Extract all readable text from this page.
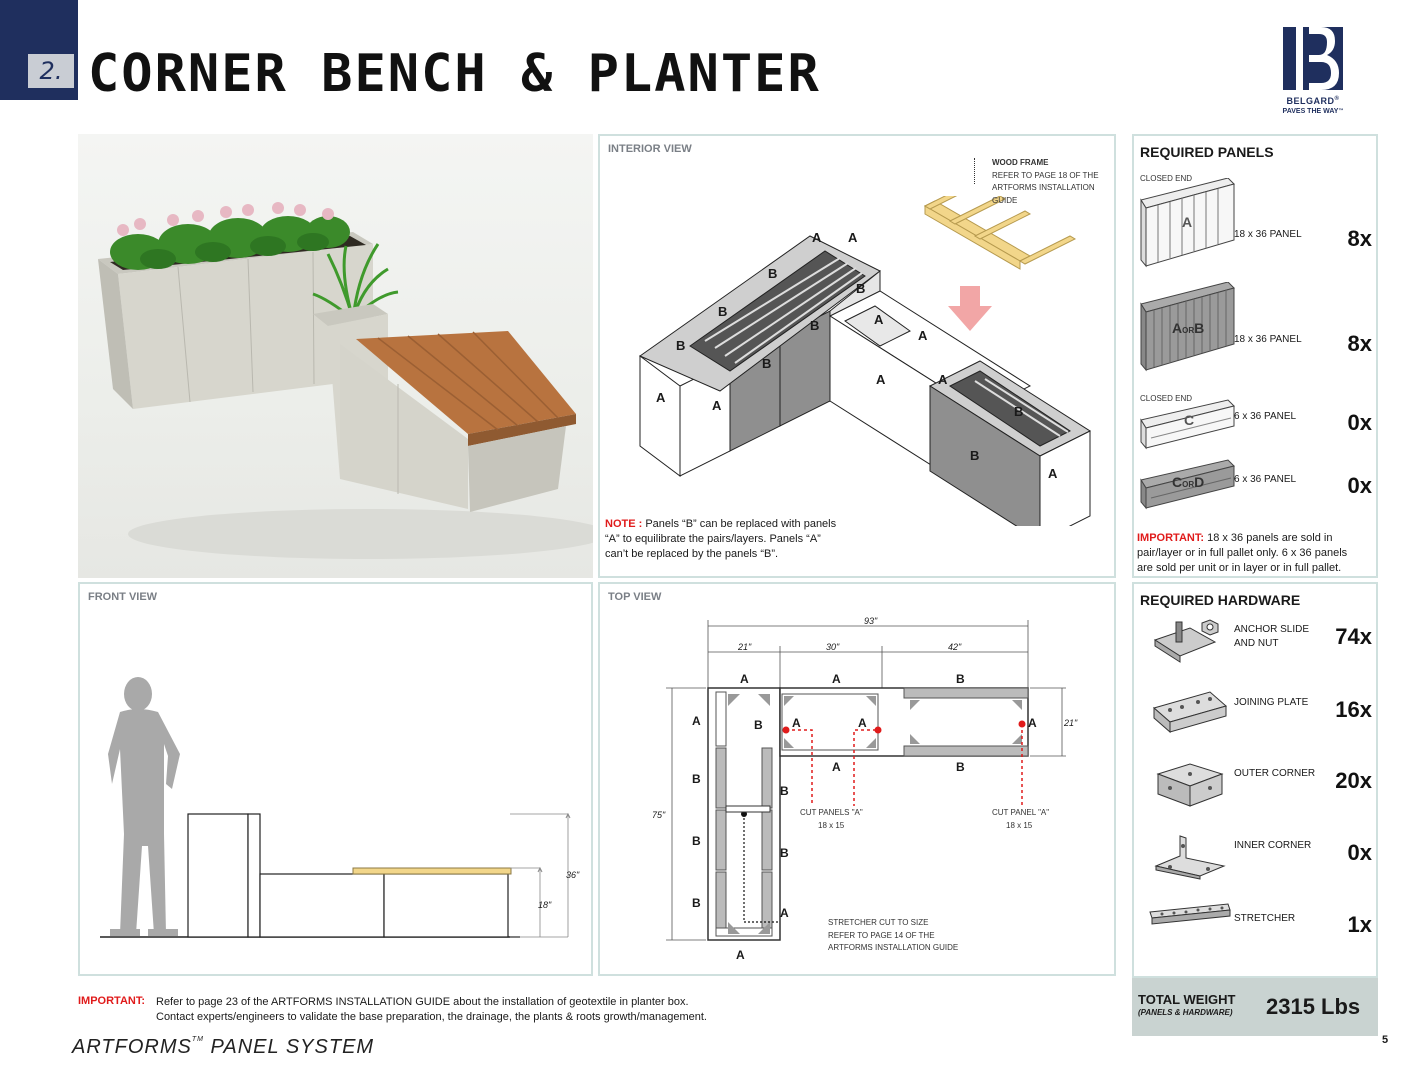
2. CORNER BENCH & PLANTER	BELGARD®
PAVES THE WAY™
INTERIOR VIEW
A
A
B
B
B
B
B
B
A A
A
A
A	A
B
B
A
WOOD FRAME
REFER TO PAGE 18 OF THE
ARTFORMS INSTALLATION
GUIDE
NOTE : Panels “B” can be replaced with panels
“A” to equilibrate the pairs/layers. Panels “A”
can’t be replaced by the panels “B”.
REQUIRED PANELS
CLOSED END
A
18 x 36 PANEL	8x
AORB
18 x 36 PANEL	8x
CLOSED END
C	6 x 36 PANEL	0x
CORD	6 x 36 PANEL	0x
IMPORTANT: 18 x 36 panels are sold in
pair/layer or in full pallet only. 6 x 36 panels
are sold per unit or in layer or in full pallet.
FRONT VIEW
36"
18"
TOP VIEW
93"
21"	30"	42"
75"
21"
A	A	B
A	B A	A	A
A	B
B
B
B
B
B
A
A
CUT PANELS "A"
18 x 15
CUT PANEL "A"
18 x 15
STRETCHER CUT TO SIZE
REFER TO PAGE 14 OF THE
ARTFORMS INSTALLATION GUIDE
REQUIRED HARDWARE
ANCHOR SLIDE
AND NUT	74x
JOINING PLATE	16x
OUTER CORNER 20x
INNER CORNER	0x
STRETCHER	1x
TOTAL WEIGHT
(PANELS & HARDWARE) 2315 Lbs
IMPORTANT: Refer to page 23 of the ARTFORMS INSTALLATION GUIDE about the installation of geotextile in planter box.
Contact experts/engineers to validate the base preparation, the drainage, the plants & roots growth/management.
ARTFORMS™ PANEL SYSTEM	5
